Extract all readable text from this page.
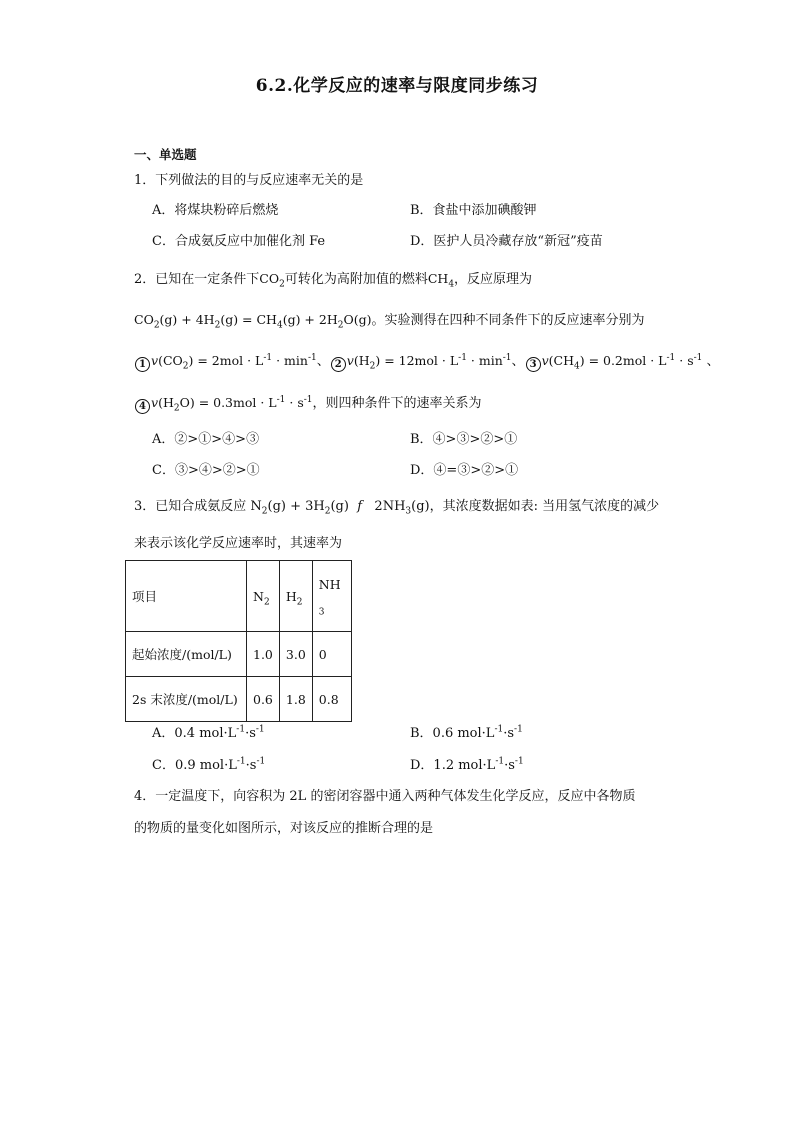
6.2.化学反应的速率与限度同步练习
一、单选题
1．下列做法的目的与反应速率无关的是
A．将煤块粉碎后燃烧	B．食盐中添加碘酸钾
C．合成氨反应中加催化剂 Fe	D．医护人员冷藏存放“新冠”疫苗
2．已知在一定条件下$CO_2$可转化为高附加值的燃料$CH_4$，反应原理为
$CO_2(g) + 4H_2(g) = CH_4(g) + 2H_2O(g)$。实验测得在四种不同条件下的反应速率分别为
1 $v(CO_2) = 2mol \cdot L^{-1} \cdot \min^{-1}$、 2 $v(H_2) = 12mol \cdot L^{-1} \cdot \min^{-1}$、 3 $v(CH_4) = 0.2mol \cdot L^{-1} \cdot s^{-1}$ 、
4 $v(H_2O) = 0.3mol \cdot L^{-1} \cdot s^{-1}$，则四种条件下的速率关系为
A．②>①>④>③	B．④>③>②>①
C．③>④>②>①	D．④=③>②>①
3．已知合成氨反应 $N_2(g) + 3H_2(g)$  f   $2NH_3(g)$，其浓度数据如表: 当用氢气浓度的减少
来表示该化学反应速率时，其速率为
项目	$N_2$	$H_2$	NH
$_3$
起始浓度/(mol/L)	1.0	3.0	0
2s 末浓度/(mol/L)	0.6	1.8	0.8
A．0.4 $mol\cdot L^{-1}\cdot s^{-1}$	B．0.6 $mol\cdot L^{-1}\cdot s^{-1}$
C．0.9 $mol\cdot L^{-1}\cdot s^{-1}$	D．1.2 $mol\cdot L^{-1}\cdot s^{-1}$
4．一定温度下，向容积为 2L 的密闭容器中通入两种气体发生化学反应，反应中各物质
的物质的量变化如图所示，对该反应的推断合理的是
